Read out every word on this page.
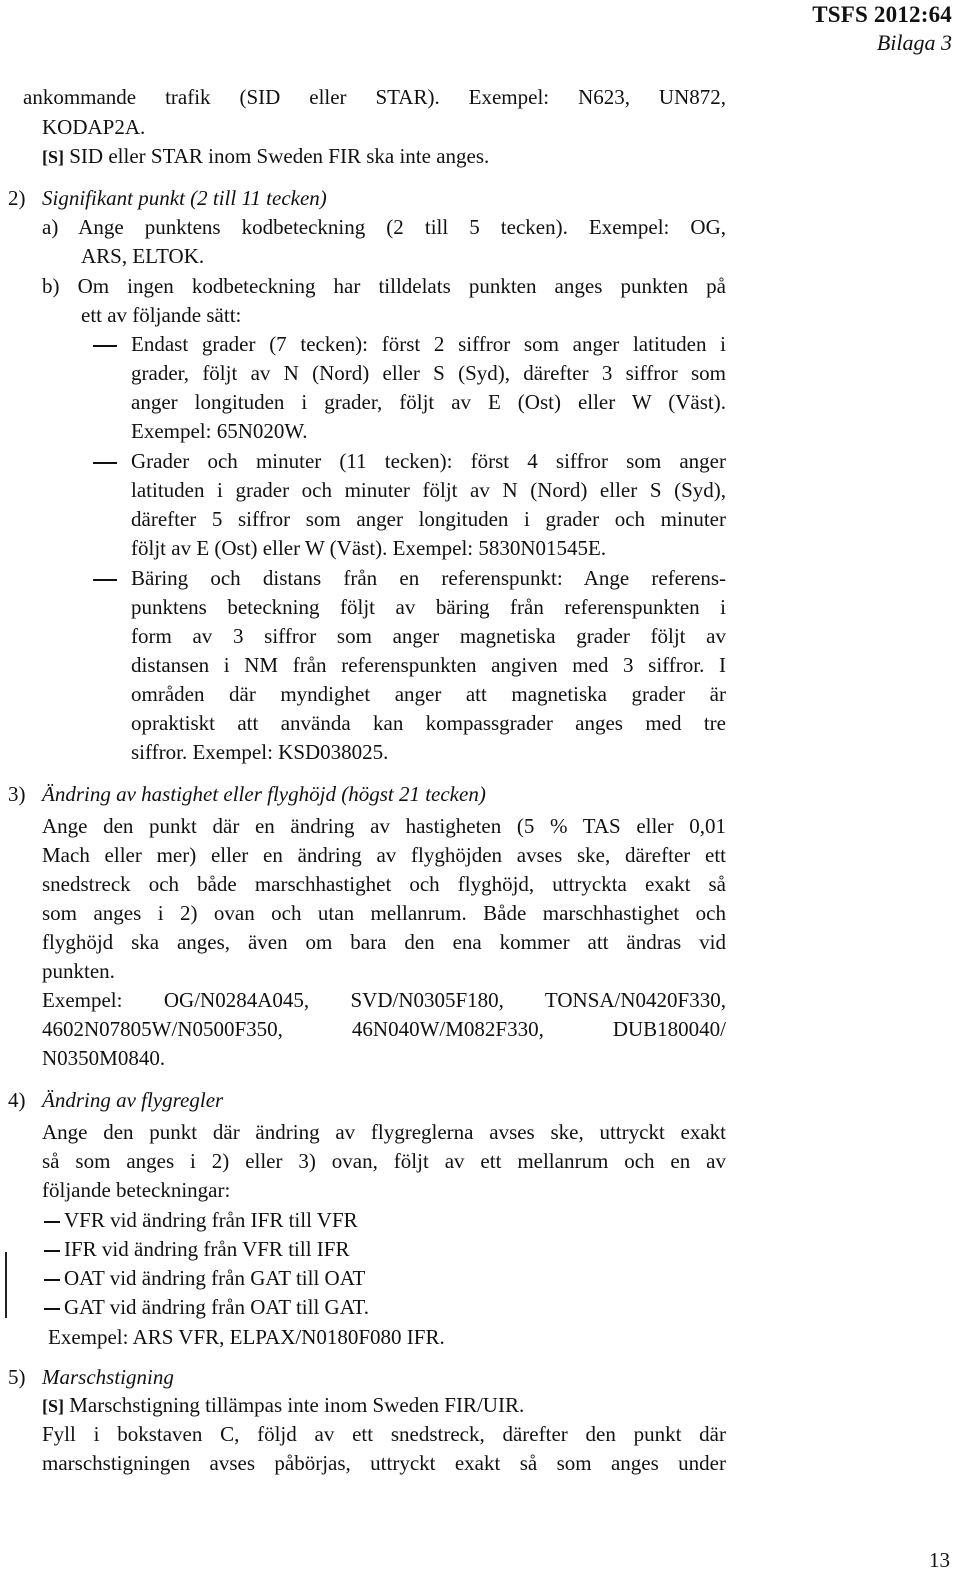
TSFS 2012:64
Bilaga 3
ankommande trafik (SID eller STAR). Exempel: N623, UN872,
KODAP2A.
[S] SID eller STAR inom Sweden FIR ska inte anges.
2) Signifikant punkt (2 till 11 tecken)
a) Ange punktens kodbeteckning (2 till 5 tecken). Exempel: OG,
ARS, ELTOK.
b) Om ingen kodbeteckning har tilldelats punkten anges punkten på
ett av följande sätt:
Endast grader (7 tecken): först 2 siffror som anger latituden i
grader, följt av N (Nord) eller S (Syd), därefter 3 siffror som
anger longituden i grader, följt av E (Ost) eller W (Väst).
Exempel: 65N020W.
Grader och minuter (11 tecken): först 4 siffror som anger
latituden i grader och minuter följt av N (Nord) eller S (Syd),
därefter 5 siffror som anger longituden i grader och minuter
följt av E (Ost) eller W (Väst). Exempel: 5830N01545E.
Bäring och distans från en referenspunkt: Ange referens-
punktens beteckning följt av bäring från referenspunkten i
form av 3 siffror som anger magnetiska grader följt av
distansen i NM från referenspunkten angiven med 3 siffror. I
områden där myndighet anger att magnetiska grader är
opraktiskt att använda kan kompassgrader anges med tre
siffror. Exempel: KSD038025.
3) Ändring av hastighet eller flyghöjd (högst 21 tecken)
Ange den punkt där en ändring av hastigheten (5 % TAS eller 0,01
Mach eller mer) eller en ändring av flyghöjden avses ske, därefter ett
snedstreck och både marschhastighet och flyghöjd, uttryckta exakt så
som anges i 2) ovan och utan mellanrum. Både marschhastighet och
flyghöjd ska anges, även om bara den ena kommer att ändras vid
punkten.
Exempel: OG/N0284A045, SVD/N0305F180, TONSA/N0420F330,
4602N07805W/N0500F350, 46N040W/M082F330, DUB180040/
N0350M0840.
4) Ändring av flygregler
Ange den punkt där ändring av flygreglerna avses ske, uttryckt exakt
så som anges i 2) eller 3) ovan, följt av ett mellanrum och en av
följande beteckningar:
VFR vid ändring från IFR till VFR
IFR vid ändring från VFR till IFR
OAT vid ändring från GAT till OAT
GAT vid ändring från OAT till GAT.
Exempel: ARS VFR, ELPAX/N0180F080 IFR.
5) Marschstigning
[S] Marschstigning tillämpas inte inom Sweden FIR/UIR.
Fyll i bokstaven C, följd av ett snedstreck, därefter den punkt där
marschstigningen avses påbörjas, uttryckt exakt så som anges under
13
